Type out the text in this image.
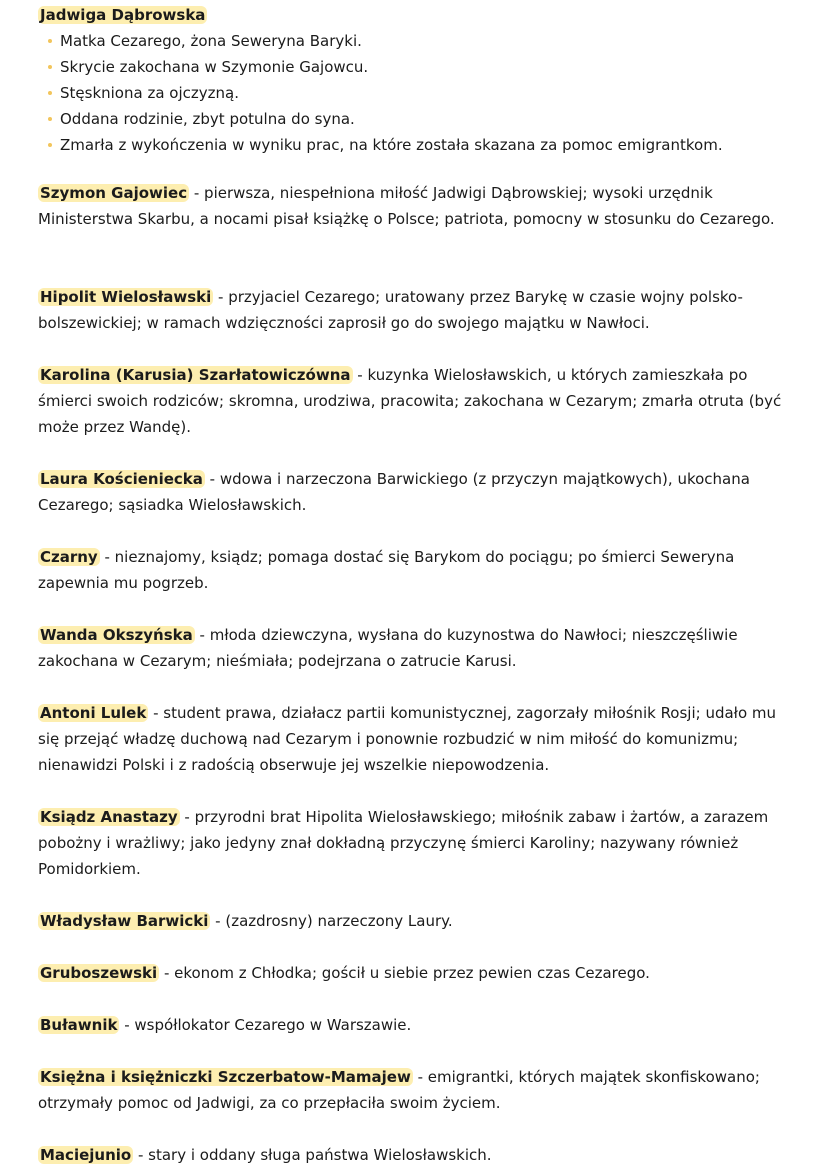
Jadwiga Dąbrowska
Matka Cezarego, żona Seweryna Baryki.
Skrycie zakochana w Szymonie Gajowcu.
Stęskniona za ojczyzną.
Oddana rodzinie, zbyt potulna do syna.
Zmarła z wykończenia w wyniku prac, na które została skazana za pomoc emigrantkom.
Szymon Gajowiec - pierwsza, niespełniona miłość Jadwigi Dąbrowskiej; wysoki urzędnik Ministerstwa Skarbu, a nocami pisał książkę o Polsce; patriota, pomocny w stosunku do Cezarego.
Hipolit Wielosławski - przyjaciel Cezarego; uratowany przez Barykę w czasie wojny polsko-bolszewickiej; w ramach wdzięczności zaprosił go do swojego majątku w Nawłoci.
Karolina (Karusia) Szarłatowiczówna - kuzynka Wielosławskich, u których zamieszkała po śmierci swoich rodziców; skromna, urodziwa, pracowita; zakochana w Cezarym; zmarła otruta (być może przez Wandę).
Laura Kościeniecka - wdowa i narzeczona Barwickiego (z przyczyn majątkowych), ukochana Cezarego; sąsiadka Wielosławskich.
Czarny - nieznajomy, ksiądz; pomaga dostać się Barykom do pociągu; po śmierci Seweryna zapewnia mu pogrzeb.
Wanda Okszyńska - młoda dziewczyna, wysłana do kuzynostwa do Nawłoci; nieszczęśliwie zakochana w Cezarym; nieśmiała; podejrzana o zatrucie Karusi.
Antoni Lulek - student prawa, działacz partii komunistycznej, zagorzały miłośnik Rosji; udało mu się przejąć władzę duchową nad Cezarym i ponownie rozbudzić w nim miłość do komunizmu; nienawidzi Polski i z radością obserwuje jej wszelkie niepowodzenia.
Ksiądz Anastazy - przyrodni brat Hipolita Wielosławskiego; miłośnik zabaw i żartów, a zarazem pobożny i wrażliwy; jako jedyny znał dokładną przyczynę śmierci Karoliny; nazywany również Pomidorkiem.
Władysław Barwicki - (zazdrosny) narzeczony Laury.
Gruboszewski - ekonom z Chłodka; gościł u siebie przez pewien czas Cezarego.
Buławnik - współlokator Cezarego w Warszawie.
Księżna i księżniczki Szczerbatow-Mamajew - emigrantki, których majątek skonfiskowano; otrzymały pomoc od Jadwigi, za co przepłaciła swoim życiem.
Maciejunio - stary i oddany sługa państwa Wielosławskich.
